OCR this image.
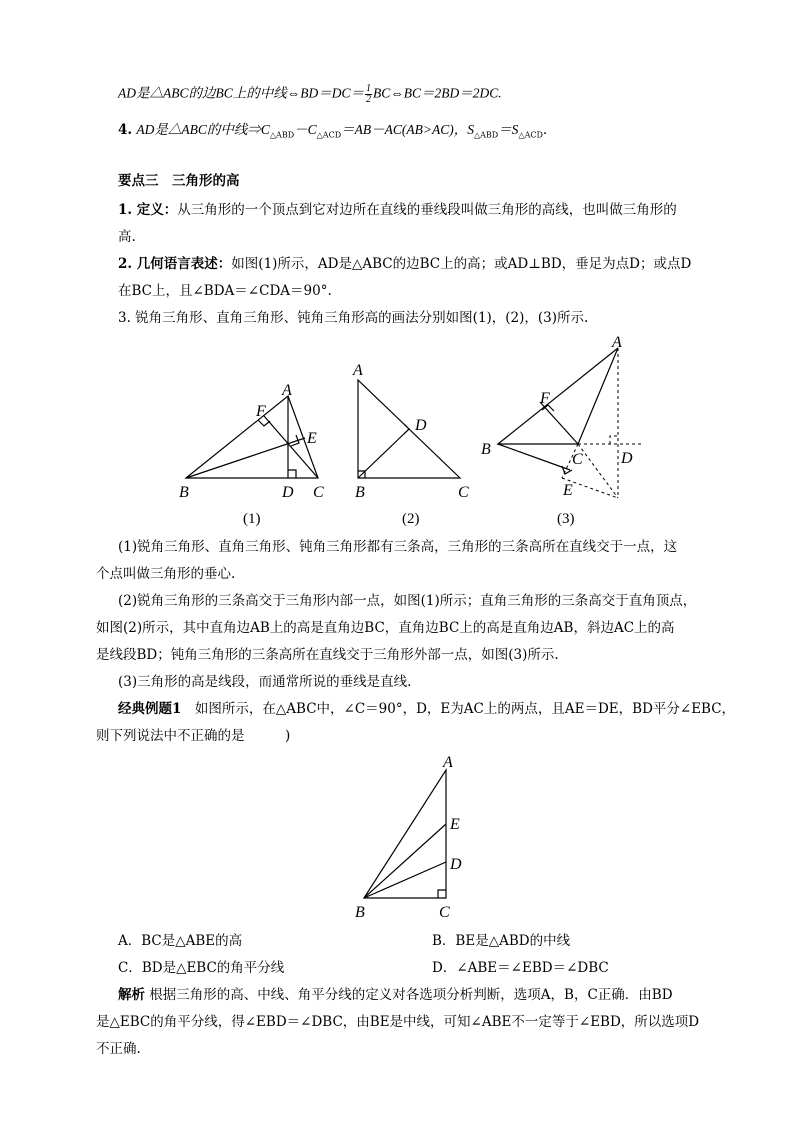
AD是△ABC的边BC上的中线⇔BD＝DC＝ $\frac{1}{2}$ BC⇔BC＝2BD＝2DC.
4. AD是△ABC的中线$\Rightarrow C_{\triangle ABD}-C_{\triangle ACD}=AB-AC(AB>AC)$，$S_{\triangle ABD}=S_{\triangle ACD}$.
要点三　三角形的高
1. 定义：从三角形的一个顶点到它对边所在直线的垂线段叫做三角形的高线，也叫做三角形的
高.
2. 几何语言表述：如图(1)所示，AD是△ABC的边BC上的高；或AD⊥BD，垂足为点D；或点D
在BC上，且∠BDA＝∠CDA＝90°.
3. 锐角三角形、直角三角形、钝角三角形高的画法分别如图(1)，(2)，(3)所示.
A
B	C
D
E
F
(1)
A
B	C
D
(2)
A
B
C D
E
F
(3)
(1)锐角三角形、直角三角形、钝角三角形都有三条高，三角形的三条高所在直线交于一点，这
个点叫做三角形的垂心.
(2)锐角三角形的三条高交于三角形内部一点，如图(1)所示；直角三角形的三条高交于直角顶点，
如图(2)所示，其中直角边AB上的高是直角边BC，直角边BC上的高是直角边AB，斜边AC上的高
是线段BD；钝角三角形的三条高所在直线交于三角形外部一点，如图(3)所示.
(3)三角形的高是线段，而通常所说的垂线是直线.
经典例题1　如图所示，在△ABC中，∠C＝90°，D，E为AC上的两点，且AE＝DE，BD平分∠EBC，
则下列说法中不正确的是　　　)
A
E
D
B	C
A．BC是△ABE的高	B．BE是△ABD的中线
C．BD是△EBC的角平分线	D．∠ABE＝∠EBD＝∠DBC
解析 根据三角形的高、中线、角平分线的定义对各选项分析判断，选项A，B，C正确．由BD
是△EBC的角平分线，得∠EBD＝∠DBC，由BE是中线，可知∠ABE不一定等于∠EBD，所以选项D
不正确.
